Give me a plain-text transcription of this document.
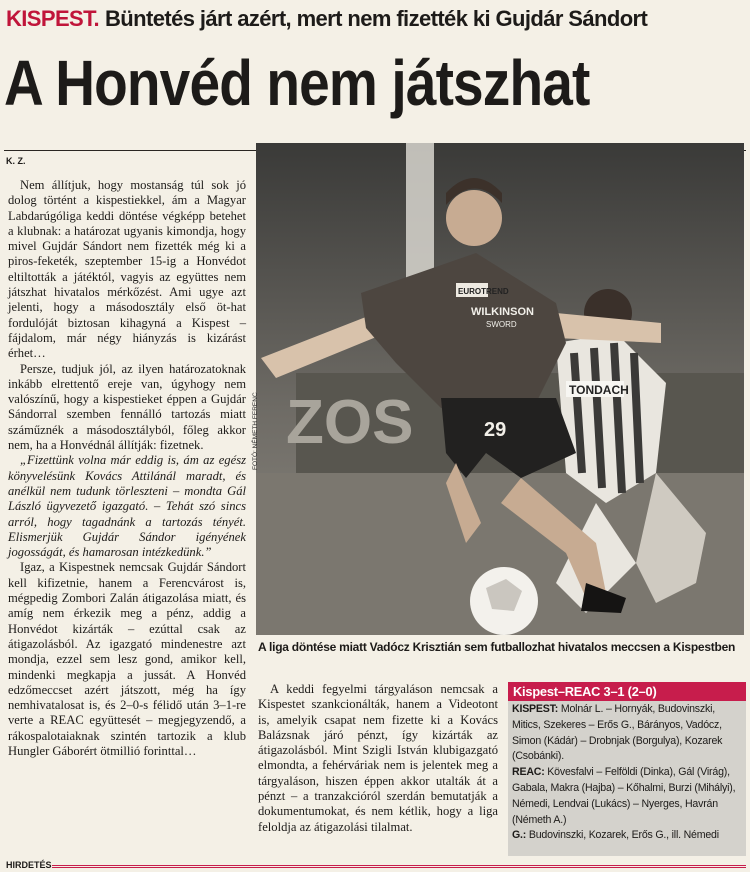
KISPEST. Büntetés járt azért, mert nem fizették ki Gujdár Sándort
A Honvéd nem játszhat
K. Z.

Nem állítjuk, hogy mostanság túl sok jó dolog történt a kispestiekkel, ám a Magyar Labdarúgóliga keddi döntése végképp betehet a klubnak: a határozat ugyanis kimondja, hogy mivel Gujdár Sándort nem fizették még ki a piros-feketék, szeptember 15-ig a Honvédot eltiltották a játéktól, vagyis az együttes nem játszhat hivatalos mérkőzést. Ami ugye azt jelenti, hogy a másodosztály első öt-hat fordulóját biztosan kihagyná a Kispest – fájdalom, már négy hiányzás is kizárást érhet…

Persze, tudjuk jól, az ilyen határozatoknak inkább elrettentő ereje van, úgyhogy nem valószínű, hogy a kispestieket éppen a Gujdár Sándorral szemben fennálló tartozás miatt száműznék a másodosztályból, főleg akkor nem, ha a Honvédnál állítják: fizetnek.

„Fizettünk volna már eddig is, ám az egész könyvelésünk Kovács Attilánál maradt, és anélkül nem tudunk törleszteni – mondta Gál László ügyvezető igazgató. – Tehát szó sincs arról, hogy tagadnánk a tartozás tényét. Elismerjük Gujdár Sándor igényének jogosságát, és hamarosan intézkedünk.”

Igaz, a Kispestnek nemcsak Gujdár Sándort kell kifizetnie, hanem a Ferencvárost is, mégpedig Zombori Zalán átigazolása miatt, és amíg nem érkezik meg a pénz, addig a Honvédot kizárták – ezúttal csak az átigazolásból. Az igazgató mindenestre azt mondja, ezzel sem lesz gond, amikor kell, mindenki megkapja a jussát. A Honvéd edzőmeccset azért játszott, még ha így nemhivatalosat is, és 2–0-s félidő után 3–1-re verte a REAC együttesét – megjegyzendő, a rákospalotaiaknak szintén tartozik a klub Hungler Gáborért ötmillió forinttal…

ZOS	TONDACH
EUROTREND
WILKINSON
SWORD
29
FOTÓ: NÉMETH FERENC
A liga döntése miatt Vadócz Krisztián sem futballozhat hivatalos meccsen a Kispestben

A keddi fegyelmi tárgyaláson nemcsak a Kispestet szankcionálták, hanem a Videotont is, amelyik csapat nem fizette ki a Kovács Balázsnak járó pénzt, így kizárták az átigazolásból. Mint Szigli István klubigazgató elmondta, a fehérváriak nem is jelentek meg a tárgyaláson, hiszen éppen akkor utalták át a pénzt – a tranzakcióról szerdán bemutatják a dokumentumokat, és nem kétlik, hogy a liga feloldja az átigazolási tilalmat.

Kispest–REAC 3–1 (2–0)

KISPEST: Molnár L. – Hornyák, Budovinszki, Mitics, Szekeres – Erős G., Bárányos, Vadócz, Simon (Kádár) – Drobnjak (Borgulya), Kozarek (Csobánki).

REAC: Kövesfalvi – Felföldi (Dinka), Gál (Virág), Gabala, Makra (Hajba) – Kőhalmi, Burzi (Mihályi), Némedi, Lendvai (Lukács) – Nyerges, Havrán (Németh A.)

G.: Budovinszki, Kozarek, Erős G., ill. Némedi

HIRDETÉS
